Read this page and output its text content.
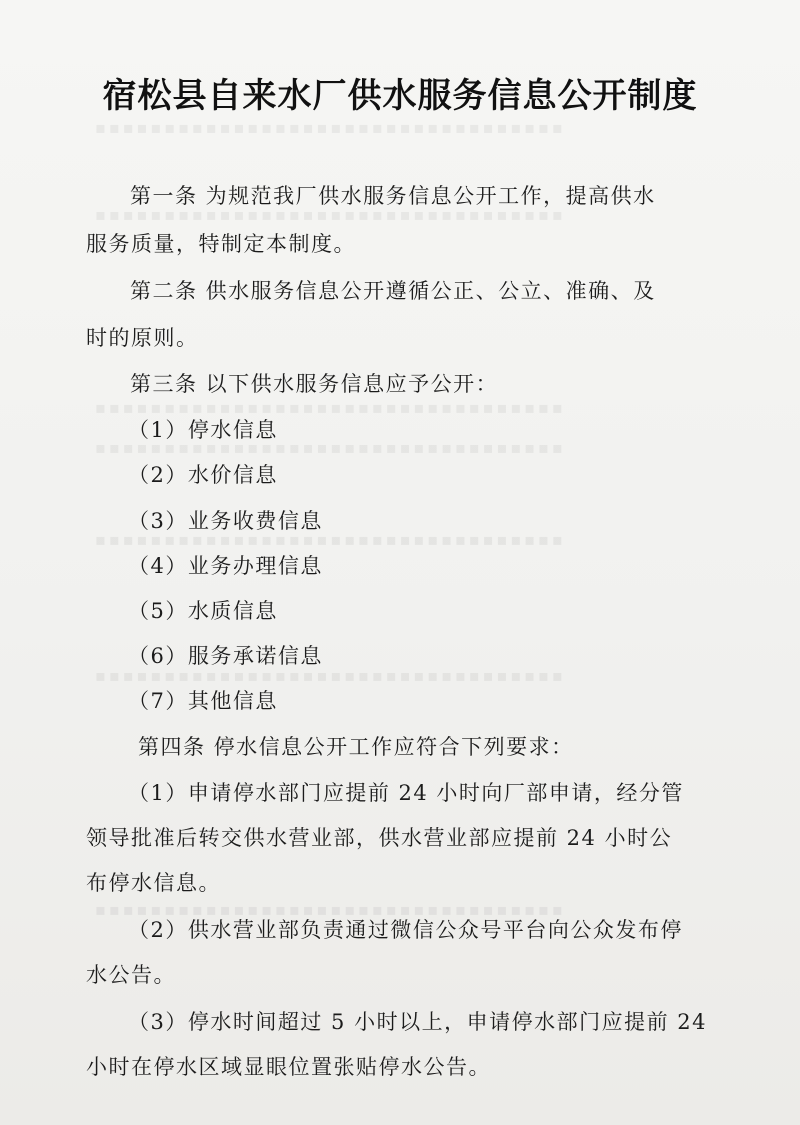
▪▪▪▪▪▪▪▪▪▪▪▪▪▪▪▪▪▪▪▪▪▪▪▪▪▪▪▪▪▪▪▪▪▪
▪▪▪▪▪▪▪▪▪▪▪▪▪▪▪▪▪▪▪▪▪▪▪▪▪▪▪▪▪▪▪▪▪▪
▪▪▪▪▪▪▪▪▪▪▪▪▪▪▪▪▪▪▪▪▪▪▪▪▪▪▪▪▪▪▪▪▪▪
▪▪▪▪▪▪▪▪▪▪▪▪▪▪▪▪▪▪▪▪▪▪▪▪▪▪▪▪▪▪▪▪▪▪
▪▪▪▪▪▪▪▪▪▪▪▪▪▪▪▪▪▪▪▪▪▪▪▪▪▪▪▪▪▪▪▪▪▪
▪▪▪▪▪▪▪▪▪▪▪▪▪▪▪▪▪▪▪▪▪▪▪▪▪▪▪▪▪▪▪▪▪▪
▪▪▪▪▪▪▪▪▪▪▪▪▪▪▪▪▪▪▪▪▪▪▪▪▪▪▪▪▪▪▪▪▪▪
宿松县自来水厂供水服务信息公开制度
第一条 为规范我厂供水服务信息公开工作，提高供水
服务质量，特制定本制度。
第二条 供水服务信息公开遵循公正、公立、准确、及
时的原则。
第三条 以下供水服务信息应予公开：
（1）停水信息
（2）水价信息
（3）业务收费信息
（4）业务办理信息
（5）水质信息
（6）服务承诺信息
（7）其他信息
第四条 停水信息公开工作应符合下列要求：
（1）申请停水部门应提前 24 小时向厂部申请，经分管
领导批准后转交供水营业部，供水营业部应提前 24 小时公
布停水信息。
（2）供水营业部负责通过微信公众号平台向公众发布停
水公告。
（3）停水时间超过 5 小时以上，申请停水部门应提前 24
小时在停水区域显眼位置张贴停水公告。
